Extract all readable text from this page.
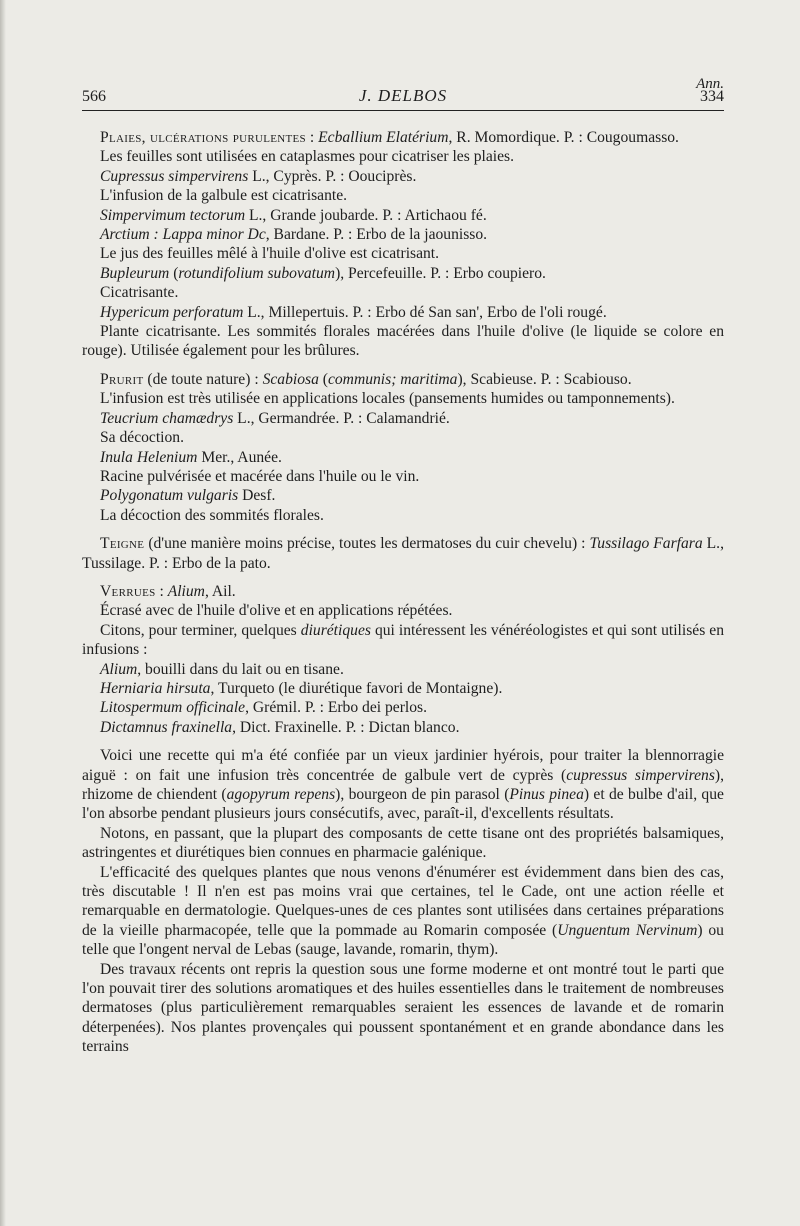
Ann.
566	J. DELBOS	334

Plaies, ulcérations purulentes : Ecballium Elatérium, R. Momordique. P. : Cougoumasso.

Les feuilles sont utilisées en cataplasmes pour cicatriser les plaies.

Cupressus simpervirens L., Cyprès. P. : Oouciprès.

L'infusion de la galbule est cicatrisante.

Simpervimum tectorum L., Grande joubarde. P. : Artichaou fé.

Arctium : Lappa minor Dc, Bardane. P. : Erbo de la jaounisso.

Le jus des feuilles mêlé à l'huile d'olive est cicatrisant.

Bupleurum (rotundifolium subovatum), Percefeuille. P. : Erbo coupiero.

Cicatrisante.

Hypericum perforatum L., Millepertuis. P. : Erbo dé San san', Erbo de l'oli rougé.

Plante cicatrisante. Les sommités florales macérées dans l'huile d'olive (le liquide se colore en rouge). Utilisée également pour les brûlures.

Prurit (de toute nature) : Scabiosa (communis; maritima), Scabieuse. P. : Scabiouso.

L'infusion est très utilisée en applications locales (pansements humides ou tamponnements).

Teucrium chamædrys L., Germandrée. P. : Calamandrié.

Sa décoction.

Inula Helenium Mer., Aunée.

Racine pulvérisée et macérée dans l'huile ou le vin.

Polygonatum vulgaris Desf.

La décoction des sommités florales.

Teigne (d'une manière moins précise, toutes les dermatoses du cuir chevelu) : Tussilago Farfara L., Tussilage. P. : Erbo de la pato.

Verrues : Alium, Ail.

Écrasé avec de l'huile d'olive et en applications répétées.

Citons, pour terminer, quelques diurétiques qui intéressent les vénéréologistes et qui sont utilisés en infusions :

Alium, bouilli dans du lait ou en tisane.

Herniaria hirsuta, Turqueto (le diurétique favori de Montaigne).

Litospermum officinale, Grémil. P. : Erbo dei perlos.

Dictamnus fraxinella, Dict. Fraxinelle. P. : Dictan blanco.

Voici une recette qui m'a été confiée par un vieux jardinier hyérois, pour traiter la blennorragie aiguë : on fait une infusion très concentrée de galbule vert de cyprès (cupressus simpervirens), rhizome de chiendent (agopyrum repens), bourgeon de pin parasol (Pinus pinea) et de bulbe d'ail, que l'on absorbe pendant plusieurs jours consécutifs, avec, paraît-il, d'excellents résultats.

Notons, en passant, que la plupart des composants de cette tisane ont des propriétés balsamiques, astringentes et diurétiques bien connues en pharmacie galénique.

L'efficacité des quelques plantes que nous venons d'énumérer est évidemment dans bien des cas, très discutable ! Il n'en est pas moins vrai que certaines, tel le Cade, ont une action réelle et remarquable en dermatologie. Quelques-unes de ces plantes sont utilisées dans certaines préparations de la vieille pharmacopée, telle que la pommade au Romarin composée (Unguentum Nervinum) ou telle que l'ongent nerval de Lebas (sauge, lavande, romarin, thym).

Des travaux récents ont repris la question sous une forme moderne et ont montré tout le parti que l'on pouvait tirer des solutions aromatiques et des huiles essentielles dans le traitement de nombreuses dermatoses (plus particulièrement remarquables seraient les essences de lavande et de romarin déterpenées). Nos plantes provençales qui poussent spontanément et en grande abondance dans les terrains
